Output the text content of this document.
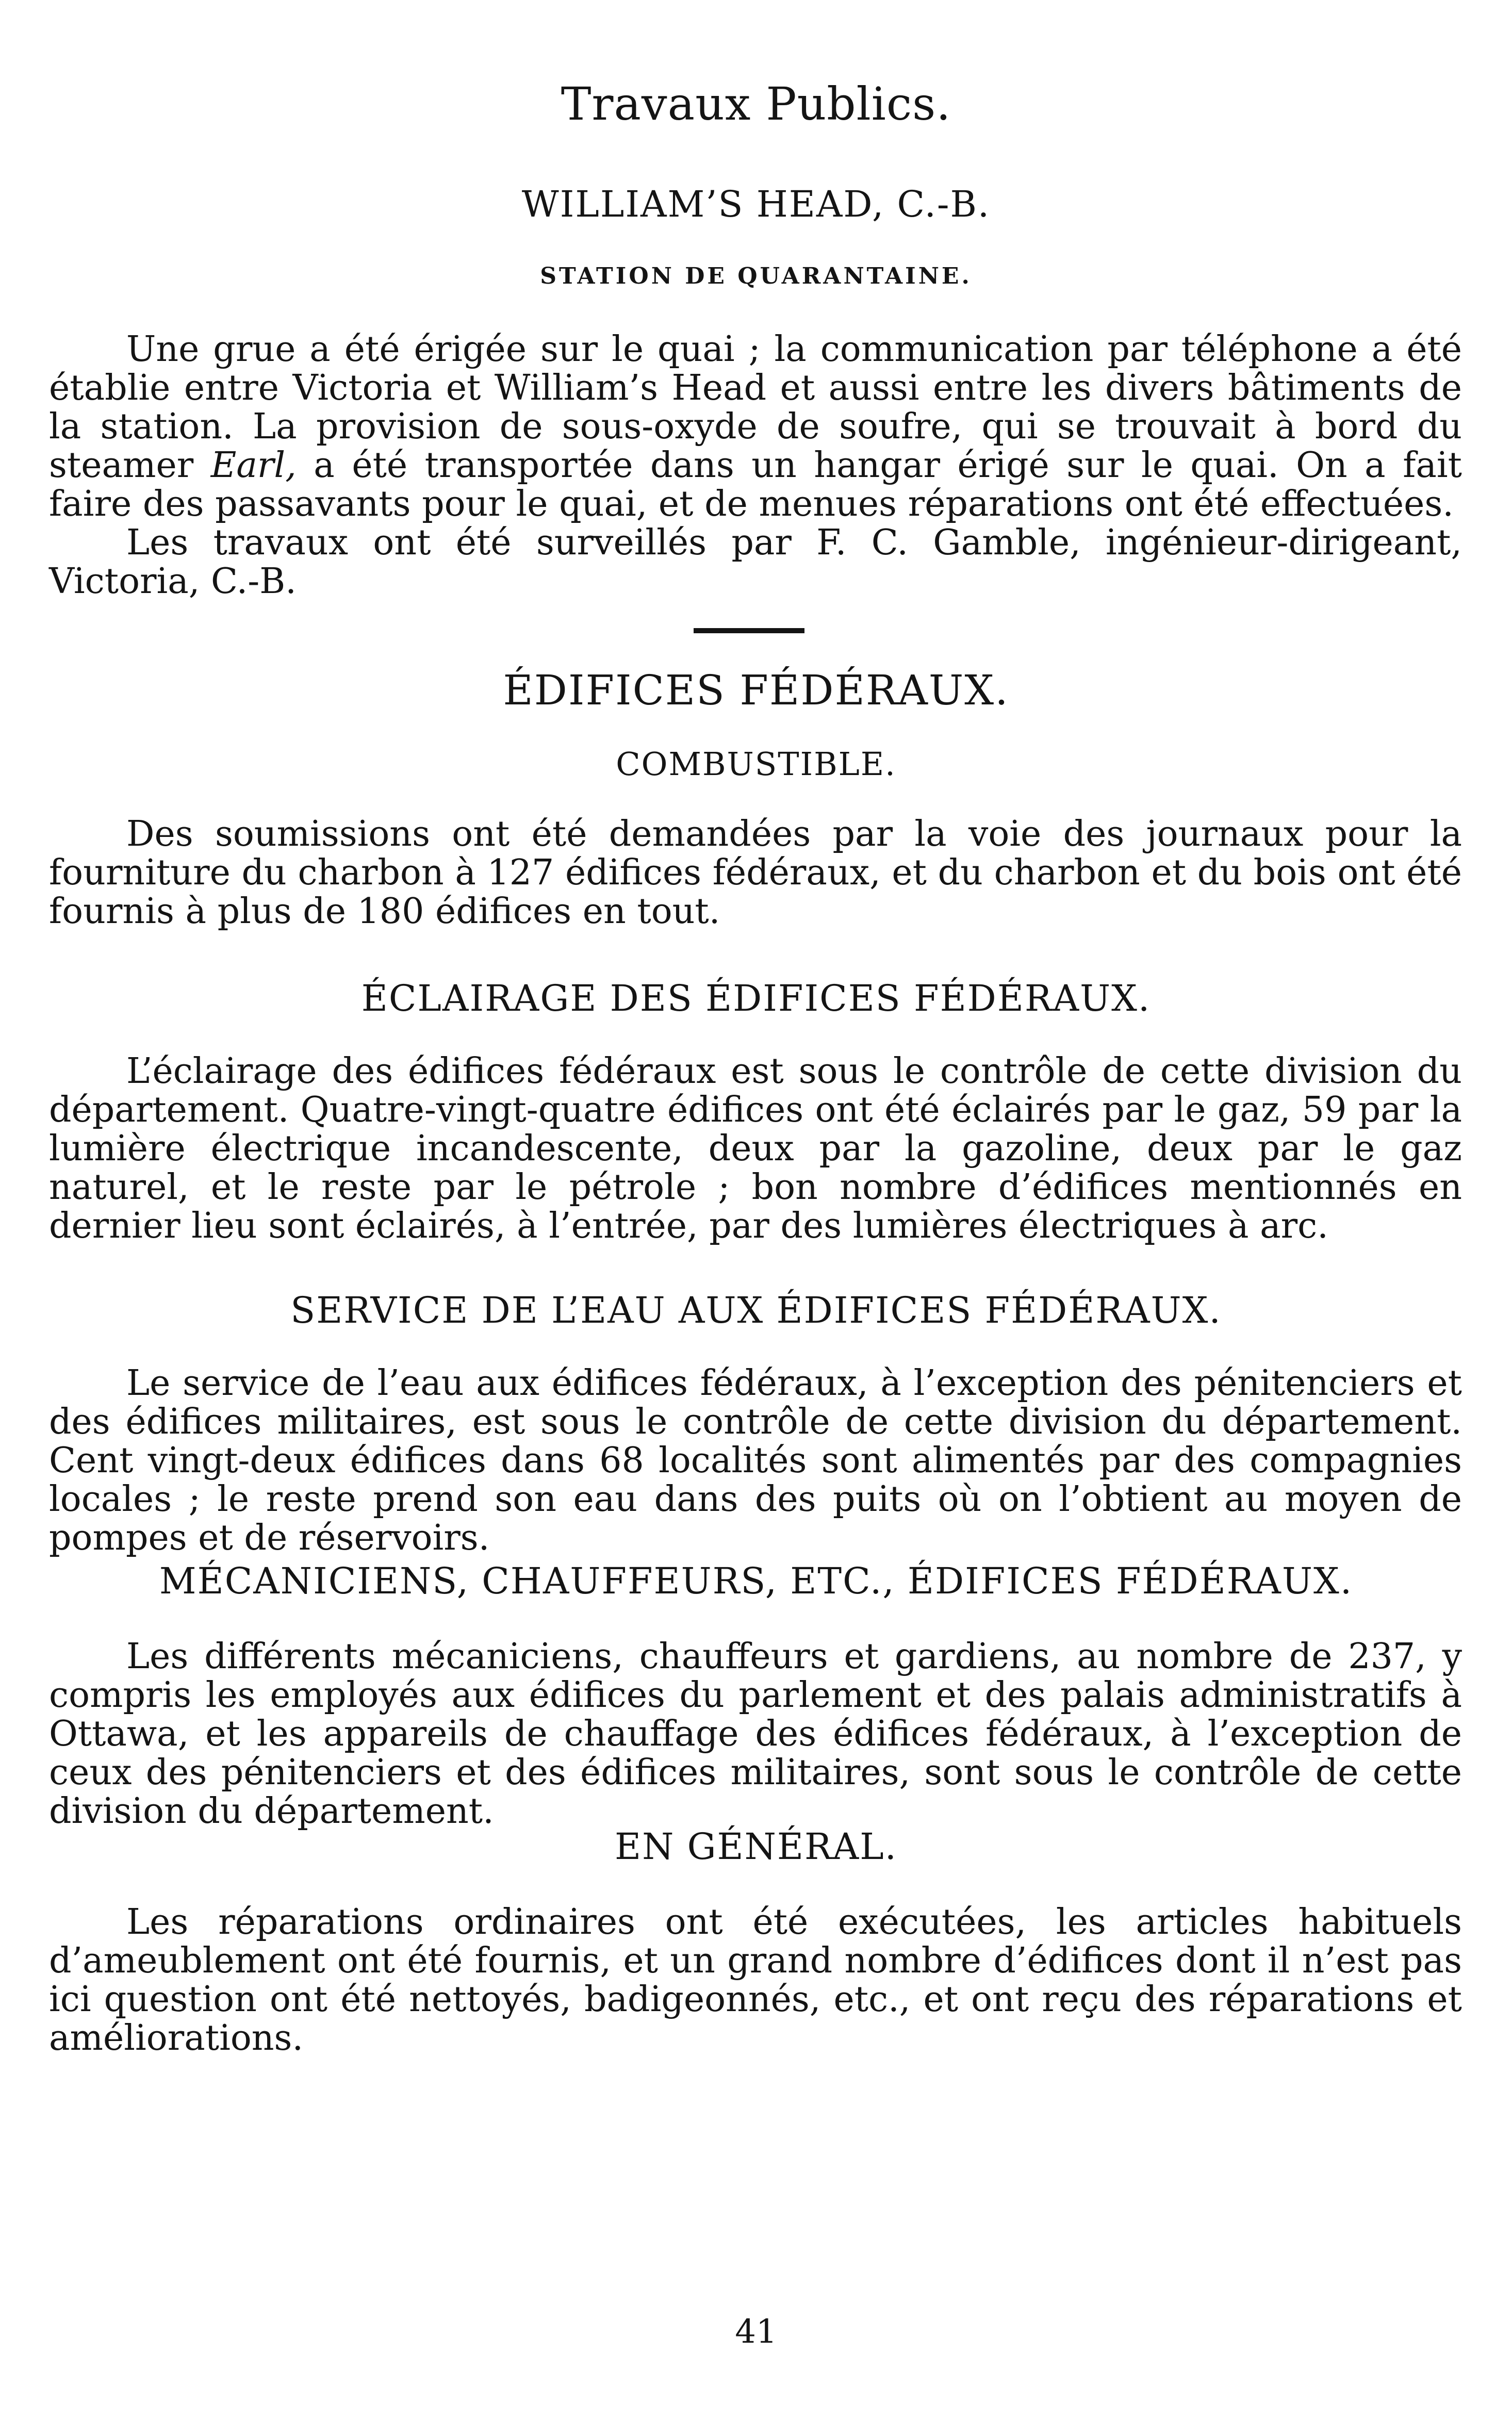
Travaux Publics.
WILLIAM’S HEAD, C.-B.
STATION DE QUARANTAINE.

Une grue a été érigée sur le quai ; la communication par téléphone a été établie entre Victoria et William’s Head et aussi entre les divers bâtiments de la station. La provision de sous-oxyde de soufre, qui se trouvait à bord du steamer Earl, a été transportée dans un hangar érigé sur le quai. On a fait faire des passavants pour le quai, et de menues réparations ont été effectuées.

Les travaux ont été surveillés par F. C. Gamble, ingénieur-dirigeant, Victoria, C.-B.

ÉDIFICES FÉDÉRAUX.
COMBUSTIBLE.

Des soumissions ont été demandées par la voie des journaux pour la fourniture du charbon à 127 édifices fédéraux, et du charbon et du bois ont été fournis à plus de 180 édifices en tout.

ÉCLAIRAGE DES ÉDIFICES FÉDÉRAUX.

L’éclairage des édifices fédéraux est sous le contrôle de cette division du département. Quatre-vingt-quatre édifices ont été éclairés par le gaz, 59 par la lumière électrique incandescente, deux par la gazoline, deux par le gaz naturel, et le reste par le pétrole ; bon nombre d’édifices mentionnés en dernier lieu sont éclairés, à l’entrée, par des lumières électriques à arc.

SERVICE DE L’EAU AUX ÉDIFICES FÉDÉRAUX.

Le service de l’eau aux édifices fédéraux, à l’exception des pénitenciers et des édifices militaires, est sous le contrôle de cette division du département. Cent vingt-deux édifices dans 68 localités sont alimentés par des compagnies locales ; le reste prend son eau dans des puits où on l’obtient au moyen de pompes et de réservoirs.

MÉCANICIENS, CHAUFFEURS, ETC., ÉDIFICES FÉDÉRAUX.

Les différents mécaniciens, chauffeurs et gardiens, au nombre de 237, y compris les employés aux édifices du parlement et des palais administratifs à Ottawa, et les appareils de chauffage des édifices fédéraux, à l’exception de ceux des pénitenciers et des édifices militaires, sont sous le contrôle de cette division du département.

EN GÉNÉRAL.

Les réparations ordinaires ont été exécutées, les articles habituels d’ameublement ont été fournis, et un grand nombre d’édifices dont il n’est pas ici question ont été nettoyés, badigeonnés, etc., et ont reçu des réparations et améliorations.

41
